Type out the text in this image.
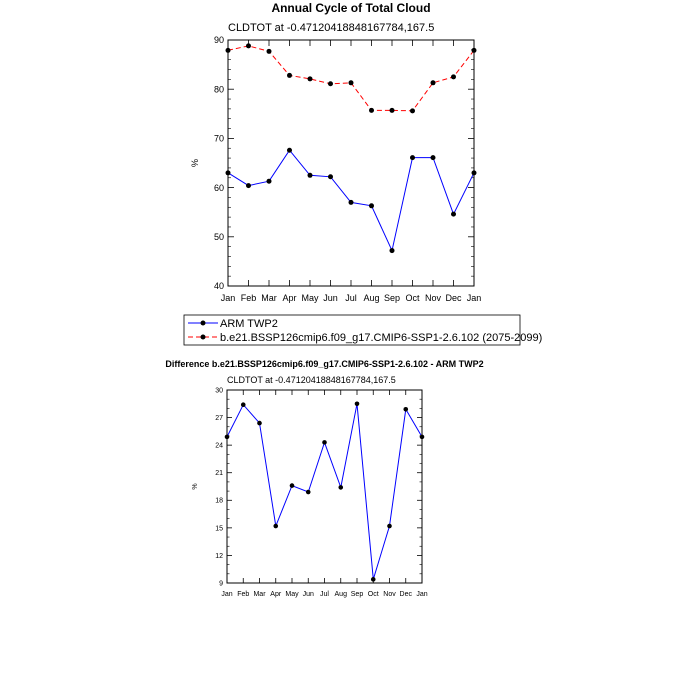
Annual Cycle of Total Cloud
CLDTOT at -0.47120418848167784,167.5
Jan Feb Mar Apr May Jun Jul Aug Sep Oct Nov Dec Jan
40
50
60
70
80
90
%
ARM TWP2
b.e21.BSSP126cmip6.f09_g17.CMIP6-SSP1-2.6.102 (2075-2099)
Difference b.e21.BSSP126cmip6.f09_g17.CMIP6-SSP1-2.6.102 - ARM TWP2
CLDTOT at -0.47120418848167784,167.5
Jan Feb Mar Apr May Jun Jul Aug Sep Oct Nov Dec Jan
9
12
15
18
21
24
27
30
%
